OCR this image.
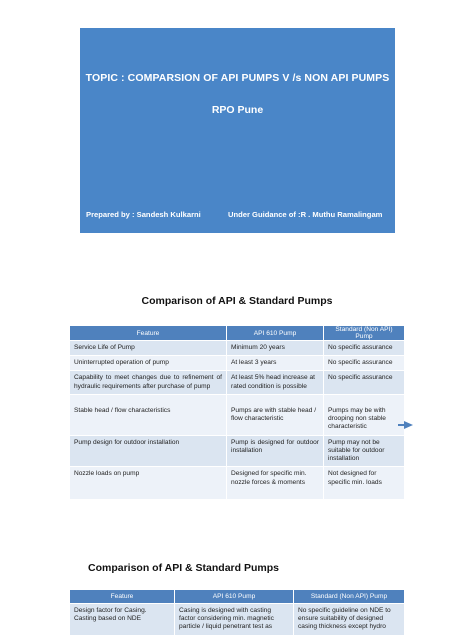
TOPIC : COMPARSION OF API PUMPS V /s NON API PUMPS
RPO Pune
Prepared by : Sandesh Kulkarni	Under Guidance of :R . Muthu Ramalingam
Comparison of API & Standard Pumps
Feature	API 610 Pump	Standard (Non API) Pump
Service Life of Pump	Minimum 20 years	No specific assurance
Uninterrupted operation of pump	At least 3 years	No specific assurance
Capability to meet changes due to refinement of hydraulic requirements after purchase of pump	At least 5% head increase at rated condition is possible	No specific assurance
Stable head / flow characteristics	Pumps are with stable head / flow characteristic	Pumps may be with drooping non stable characteristic
Pump design for outdoor installation	Pump is designed for outdoor installation	Pump may not be suitable for outdoor installation
Nozzle loads on pump	Designed for specific min. nozzle forces & moments	Not designed for specific min. loads
Comparison of API & Standard Pumps
Feature	API 610 Pump	Standard (Non API) Pump
Design factor for Casing. Casting based on NDE	Casing is designed with casting factor considering min. magnetic particle / liquid penetrant test as	No specific guideline on NDE to ensure suitability of designed casing thickness except hydro
